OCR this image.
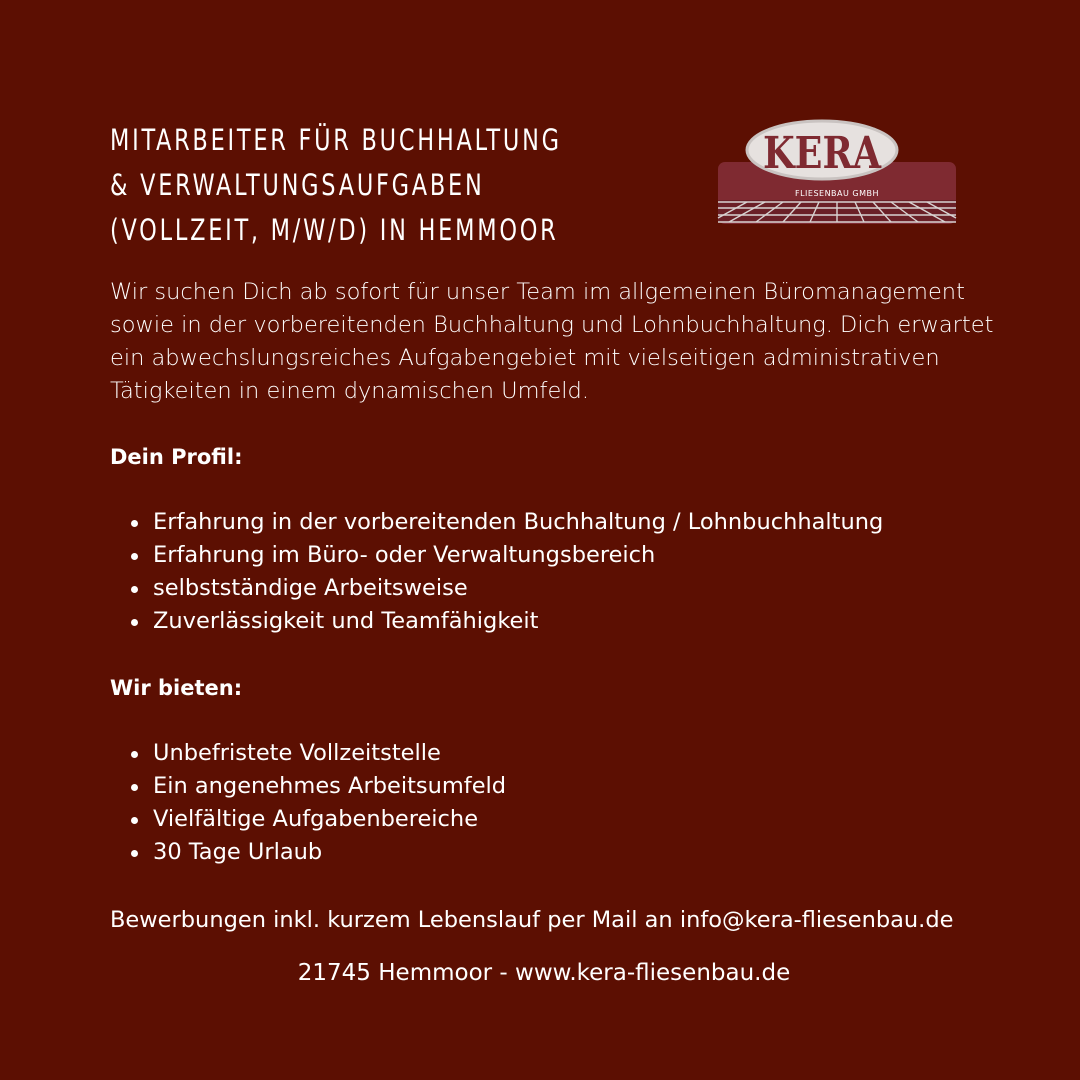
MITARBEITER FÜR BUCHHALTUNG
& VERWALTUNGSAUFGABEN
(VOLLZEIT, M/W/D) IN HEMMOOR
KERA
FLIESENBAU GMBH

Wir suchen Dich ab sofort für unser Team im allgemeinen Büromanagement
sowie in der vorbereitenden Buchhaltung und Lohnbuchhaltung. Dich erwartet
ein abwechslungsreiches Aufgabengebiet mit vielseitigen administrativen
Tätigkeiten in einem dynamischen Umfeld.

Dein Profil:
Erfahrung in der vorbereitenden Buchhaltung / Lohnbuchhaltung
Erfahrung im Büro- oder Verwaltungsbereich
selbstständige Arbeitsweise
Zuverlässigkeit und Teamfähigkeit
Wir bieten:
Unbefristete Vollzeitstelle
Ein angenehmes Arbeitsumfeld
Vielfältige Aufgabenbereiche
30 Tage Urlaub
Bewerbungen inkl. kurzem Lebenslauf per Mail an info@kera-fliesenbau.de
21745 Hemmoor - www.kera-fliesenbau.de
